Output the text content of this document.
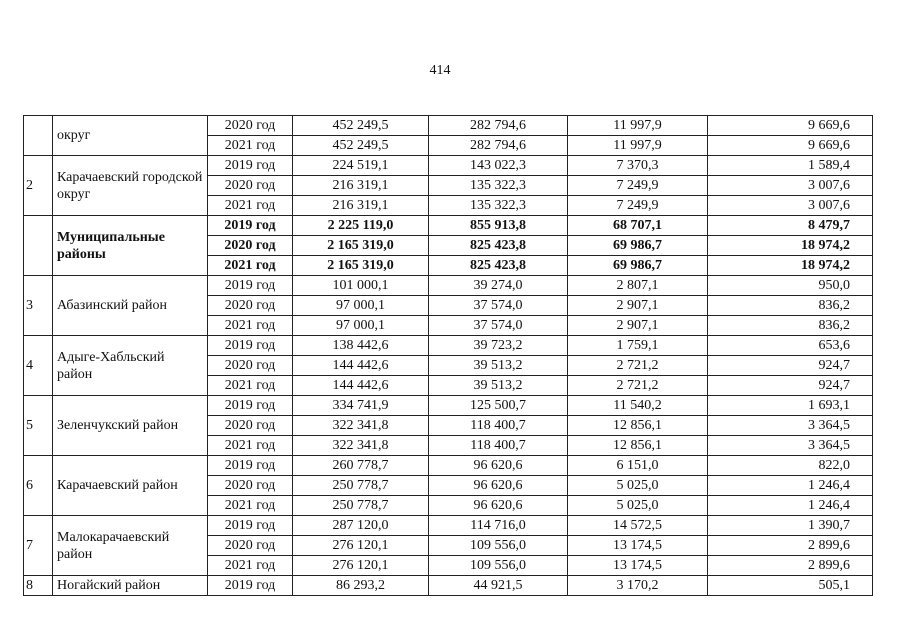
414
	округ	2020 год	452 249,5	282 794,6	11 997,9	9 669,6
		2021 год	452 249,5	282 794,6	11 997,9	9 669,6
2	Карачаевский городской округ	2019 год	224 519,1	143 022,3	7 370,3	1 589,4
		2020 год	216 319,1	135 322,3	7 249,9	3 007,6
		2021 год	216 319,1	135 322,3	7 249,9	3 007,6
	Муниципальные районы	2019 год	2 225 119,0	855 913,8	68 707,1	8 479,7
		2020 год	2 165 319,0	825 423,8	69 986,7	18 974,2
		2021 год	2 165 319,0	825 423,8	69 986,7	18 974,2
3	Абазинский район	2019 год	101 000,1	39 274,0	2 807,1	950,0
		2020 год	97 000,1	37 574,0	2 907,1	836,2
		2021 год	97 000,1	37 574,0	2 907,1	836,2
4	Адыге-Хабльский район	2019 год	138 442,6	39 723,2	1 759,1	653,6
		2020 год	144 442,6	39 513,2	2 721,2	924,7
		2021 год	144 442,6	39 513,2	2 721,2	924,7
5	Зеленчукский район	2019 год	334 741,9	125 500,7	11 540,2	1 693,1
		2020 год	322 341,8	118 400,7	12 856,1	3 364,5
		2021 год	322 341,8	118 400,7	12 856,1	3 364,5
6	Карачаевский район	2019 год	260 778,7	96 620,6	6 151,0	822,0
		2020 год	250 778,7	96 620,6	5 025,0	1 246,4
		2021 год	250 778,7	96 620,6	5 025,0	1 246,4
7	Малокарачаевский район	2019 год	287 120,0	114 716,0	14 572,5	1 390,7
		2020 год	276 120,1	109 556,0	13 174,5	2 899,6
		2021 год	276 120,1	109 556,0	13 174,5	2 899,6
8	Ногайский район	2019 год	86 293,2	44 921,5	3 170,2	505,1
